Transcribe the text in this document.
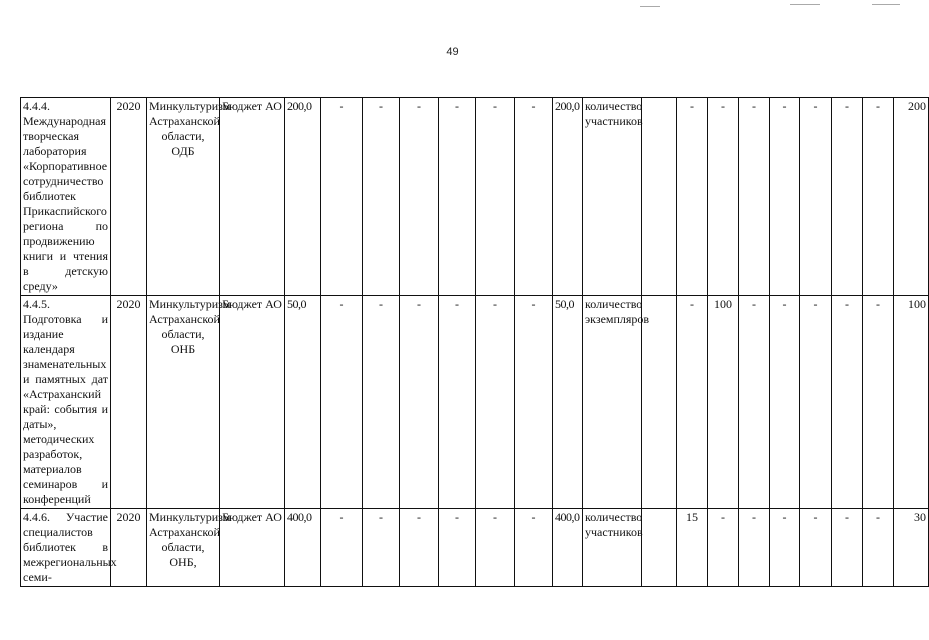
49
4.4.4. Международная творческая лаборатория «Корпоративное сотрудничество библиотек Прикаспийского региона по продвижению книги и чтения в детскую среду»	2020	Минкультуризм Астраханской области, ОДБ	Бюджет АО	200,0	-	-	-	-	-	-	200,0	количество участников		-	-	-	-	-	-	-	200
4.4.5. Подготовка и издание календаря знаменательных и памятных дат «Астраханский край: события и даты», методических разработок, материалов семинаров и конференций	2020	Минкультуризм Астраханской области, ОНБ	Бюджет АО	50,0	-	-	-	-	-	-	50,0	количество экземпляров		-	100	-	-	-	-	-	100
4.4.6. Участие специалистов библиотек в межрегиональных семи-	2020	Минкультуризм Астраханской области, ОНБ,	Бюджет АО	400,0	-	-	-	-	-	-	400,0	количество участников		15	-	-	-	-	-	-	30
